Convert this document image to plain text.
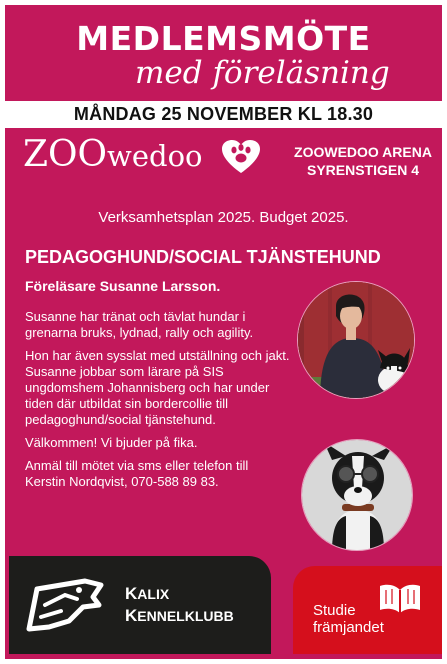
MEDLEMSMÖTE
med föreläsning
MÅNDAG 25 NOVEMBER KL 18.30
ZOOwedoo	ZOOWEDOO ARENA
SYRENSTIGEN 4
Verksamhetsplan 2025. Budget 2025.
PEDAGOGHUND/SOCIAL TJÄNSTEHUND
Föreläsare Susanne Larsson.

Susanne har tränat och tävlat hundar i grenarna bruks, lydnad, rally och agility.

Hon har även sysslat med utställning och jakt. Susanne jobbar som lärare på SIS ungdomshem Johannisberg och har under tiden där utbildat sin bordercollie till pedagoghund/social tjänstehund.

Välkommen! Vi bjuder på fika.

Anmäl till mötet via sms eller telefon till Kerstin Nordqvist, 070-588 89 83.

KALIX
KENNELKLUBB	Studie
främjandet
